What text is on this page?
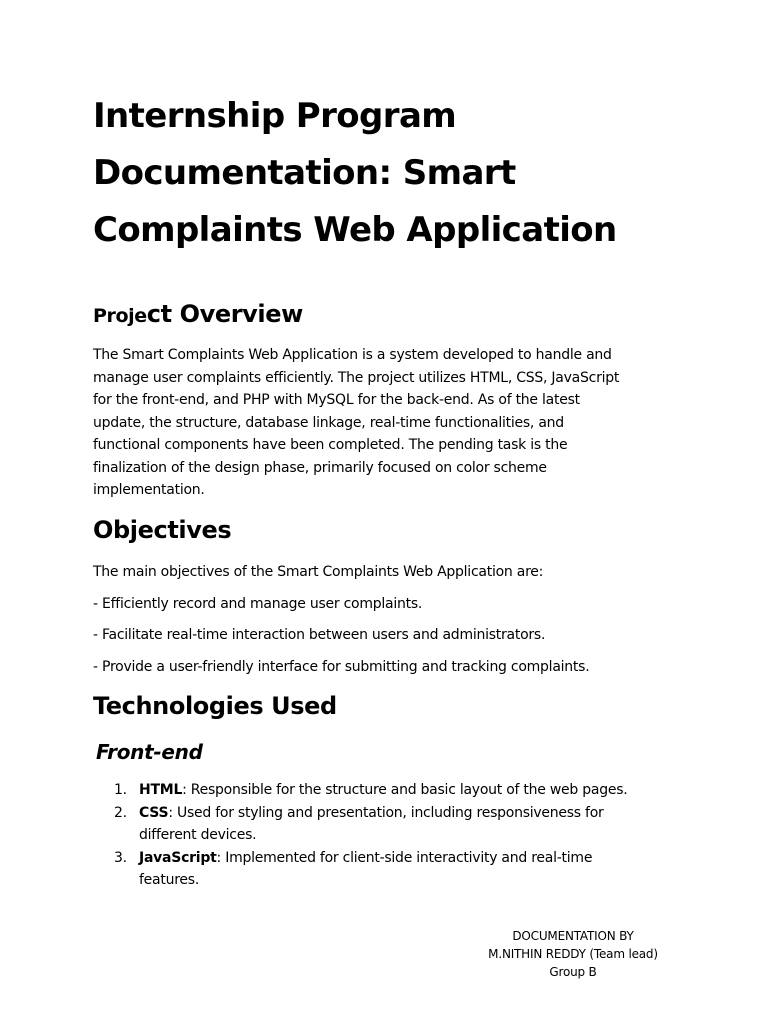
Internship Program
Documentation: Smart
Complaints Web Application
Project Overview
The Smart Complaints Web Application is a system developed to handle and
manage user complaints efficiently. The project utilizes HTML, CSS, JavaScript
for the front-end, and PHP with MySQL for the back-end. As of the latest
update, the structure, database linkage, real-time functionalities, and
functional components have been completed. The pending task is the
finalization of the design phase, primarily focused on color scheme
implementation.
Objectives

The main objectives of the Smart Complaints Web Application are:

- Efficiently record and manage user complaints.

- Facilitate real-time interaction between users and administrators.

- Provide a user-friendly interface for submitting and tracking complaints.

Technologies Used
Front-end
1. HTML: Responsible for the structure and basic layout of the web pages.
2. CSS: Used for styling and presentation, including responsiveness for
different devices.
3. JavaScript: Implemented for client-side interactivity and real-time
features.
DOCUMENTATION BY
M.NITHIN REDDY (Team lead)
Group B
